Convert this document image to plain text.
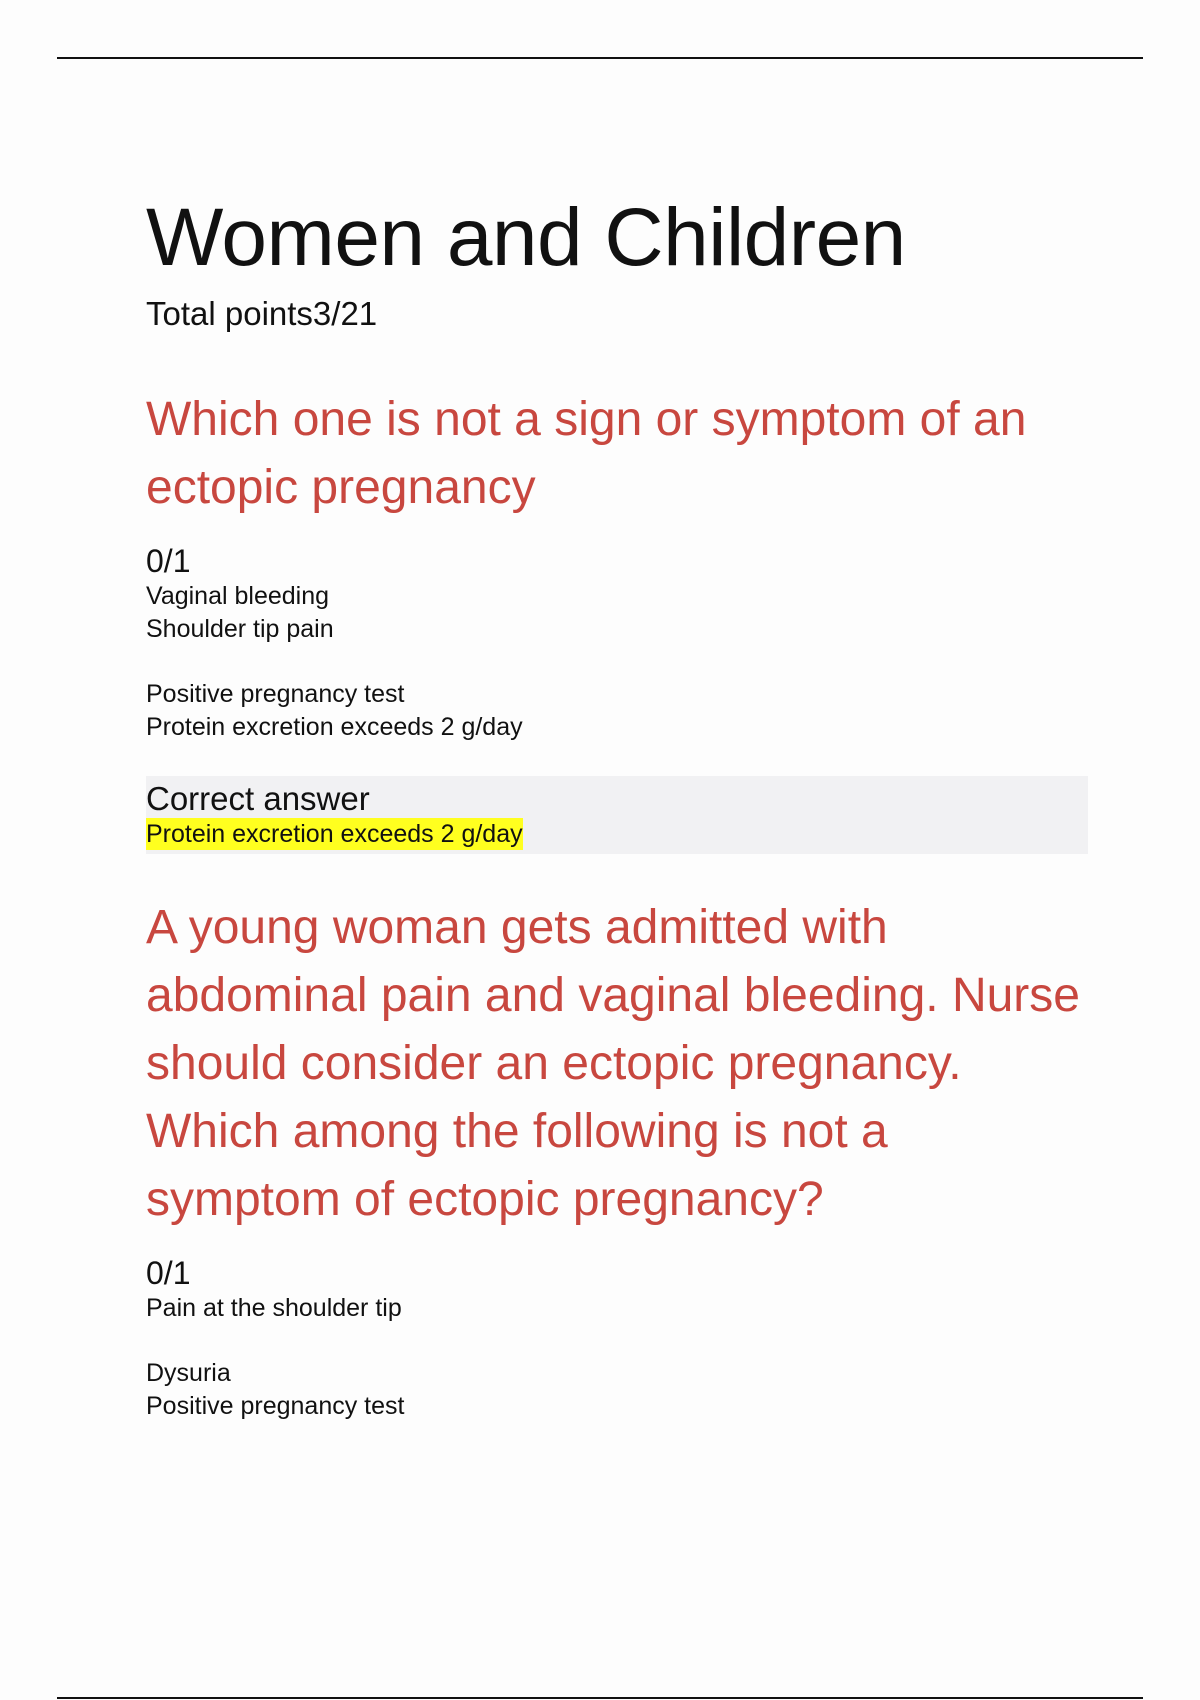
Women and Children
Total points3/21
Which one is not a sign or symptom of an ectopic pregnancy
0/1
Vaginal bleeding
Shoulder tip pain
Positive pregnancy test
Protein excretion exceeds 2 g/day
Correct answer
Protein excretion exceeds 2 g/day
A young woman gets admitted with abdominal pain and vaginal bleeding. Nurse should consider an ectopic pregnancy. Which among the following is not a symptom of ectopic pregnancy?
0/1
Pain at the shoulder tip
Dysuria
Positive pregnancy test
